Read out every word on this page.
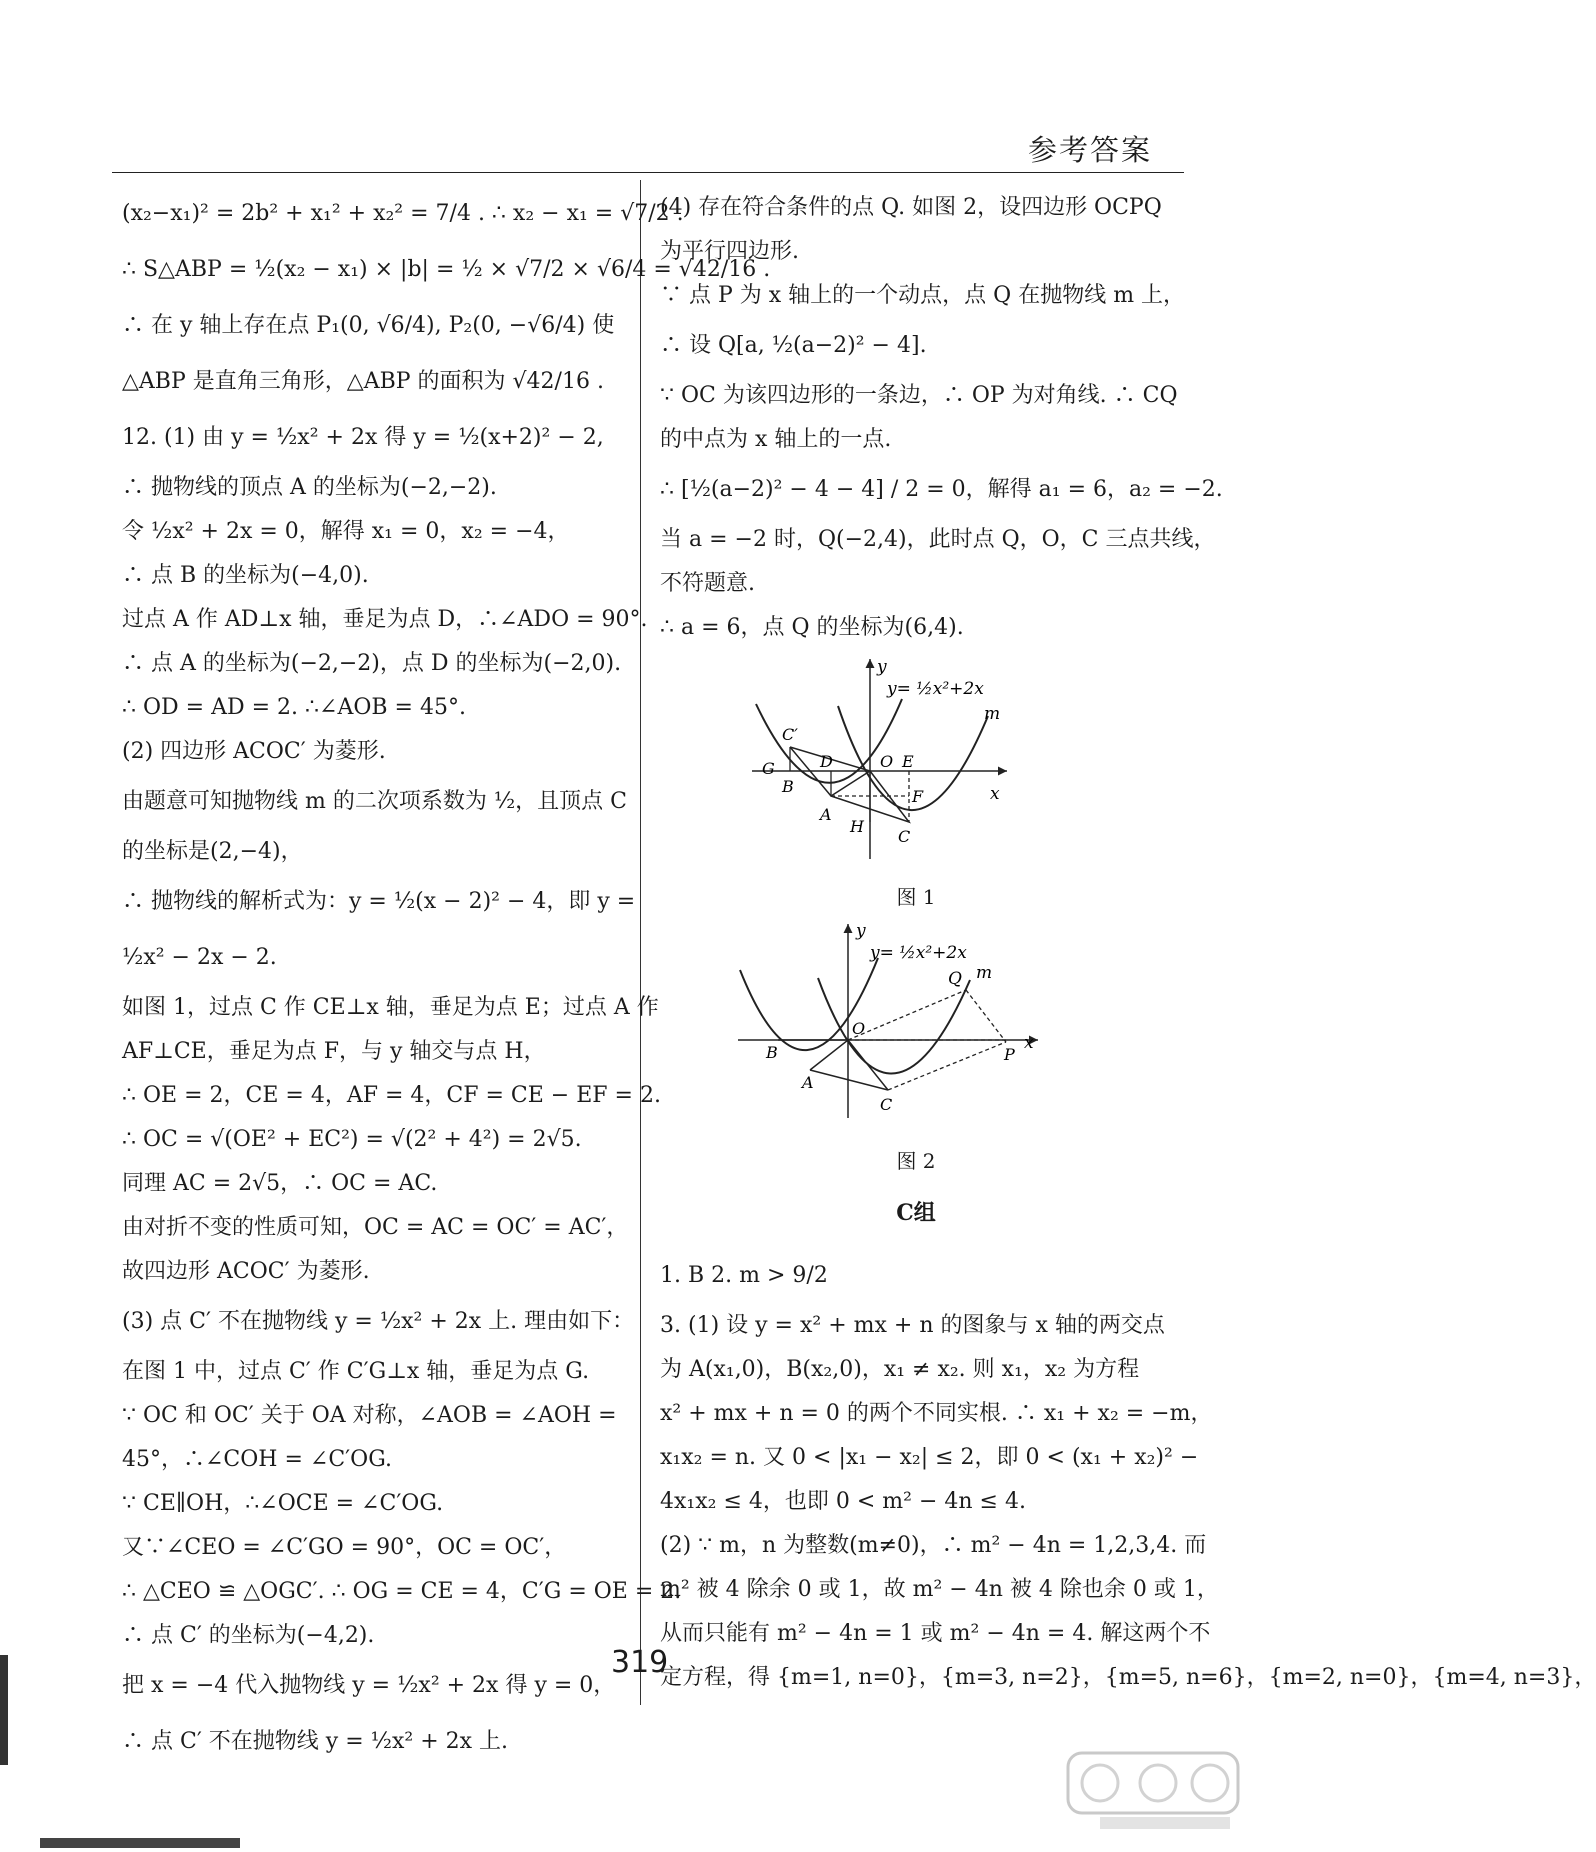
参考答案
(x₂−x₁)² = 2b² + x₁² + x₂² = 7/4 . ∴ x₂ − x₁ = √7/2 .
∴ S△ABP = ½(x₂ − x₁) × |b| = ½ × √7/2 × √6/4 = √42/16 .
∴ 在 y 轴上存在点 P₁(0, √6/4), P₂(0, −√6/4) 使
△ABP 是直角三角形，△ABP 的面积为 √42/16 .
12. (1) 由 y = ½x² + 2x 得 y = ½(x+2)² − 2,
∴ 抛物线的顶点 A 的坐标为(−2,−2).
令 ½x² + 2x = 0，解得 x₁ = 0，x₂ = −4，
∴ 点 B 的坐标为(−4,0).
过点 A 作 AD⊥x 轴，垂足为点 D，∴∠ADO = 90°.
∴ 点 A 的坐标为(−2,−2)，点 D 的坐标为(−2,0).
∴ OD = AD = 2. ∴∠AOB = 45°.
(2) 四边形 ACOC′ 为菱形.
由题意可知抛物线 m 的二次项系数为 ½，且顶点 C
的坐标是(2,−4)，
∴ 抛物线的解析式为：y = ½(x − 2)² − 4，即 y =
½x² − 2x − 2.
如图 1，过点 C 作 CE⊥x 轴，垂足为点 E；过点 A 作
AF⊥CE，垂足为点 F，与 y 轴交与点 H，
∴ OE = 2，CE = 4，AF = 4，CF = CE − EF = 2.
∴ OC = √(OE² + EC²) = √(2² + 4²) = 2√5.
同理 AC = 2√5，∴ OC = AC.
由对折不变的性质可知，OC = AC = OC′ = AC′，
故四边形 ACOC′ 为菱形.
(3) 点 C′ 不在抛物线 y = ½x² + 2x 上. 理由如下：
在图 1 中，过点 C′ 作 C′G⊥x 轴，垂足为点 G.
∵ OC 和 OC′ 关于 OA 对称，∠AOB = ∠AOH =
45°，∴∠COH = ∠C′OG.
∵ CE∥OH，∴∠OCE = ∠C′OG.
又∵∠CEO = ∠C′GO = 90°，OC = OC′，
∴ △CEO ≌ △OGC′. ∴ OG = CE = 4，C′G = OE = 2.
∴ 点 C′ 的坐标为(−4,2).
把 x = −4 代入抛物线 y = ½x² + 2x 得 y = 0，
∴ 点 C′ 不在抛物线 y = ½x² + 2x 上.
(4) 存在符合条件的点 Q. 如图 2，设四边形 OCPQ
为平行四边形.
∵ 点 P 为 x 轴上的一个动点，点 Q 在抛物线 m 上，
∴ 设 Q[a, ½(a−2)² − 4].
∵ OC 为该四边形的一条边，∴ OP 为对角线. ∴ CQ
的中点为 x 轴上的一点.
∴ [½(a−2)² − 4 − 4] / 2 = 0，解得 a₁ = 6，a₂ = −2.
当 a = −2 时，Q(−2,4)，此时点 Q，O，C 三点共线，
不符题意.
∴ a = 6，点 Q 的坐标为(6,4).
y
y= ½x²+2x
x
m
C′
G	D	O E
B
F
A
H
C
图 1
y
y= ½x²+2x
x
m
Q
O
B	P
A
C
图 2
C组
1. B 2. m > 9/2
3. (1) 设 y = x² + mx + n 的图象与 x 轴的两交点
为 A(x₁,0)，B(x₂,0)，x₁ ≠ x₂. 则 x₁，x₂ 为方程
x² + mx + n = 0 的两个不同实根. ∴ x₁ + x₂ = −m，
x₁x₂ = n. 又 0 < |x₁ − x₂| ≤ 2，即 0 < (x₁ + x₂)² −
4x₁x₂ ≤ 4，也即 0 < m² − 4n ≤ 4.
(2) ∵ m，n 为整数(m≠0)，∴ m² − 4n = 1,2,3,4. 而
m² 被 4 除余 0 或 1，故 m² − 4n 被 4 除也余 0 或 1，
从而只能有 m² − 4n = 1 或 m² − 4n = 4. 解这两个不
定方程，得 {m=1, n=0}，{m=3, n=2}，{m=5, n=6}，{m=2, n=0}，{m=4, n=3}，
319
